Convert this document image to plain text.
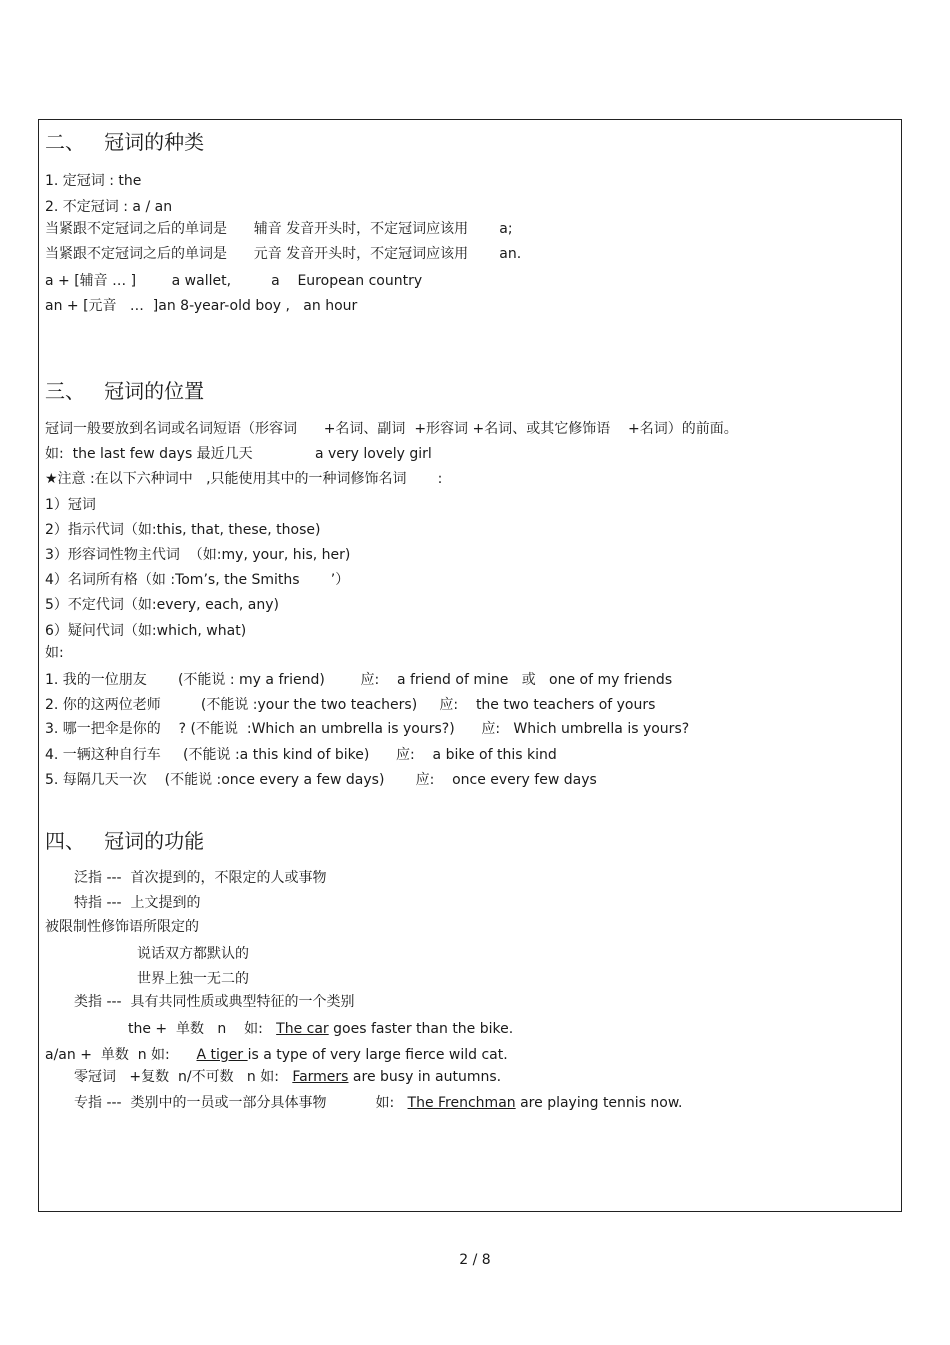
二、   冠词的种类
1. 定冠词 : the
2. 不定冠词 : a / an
当紧跟不定冠词之后的单词是      辅音 发音开头时，不定冠词应该用       a;
当紧跟不定冠词之后的单词是      元音 发音开头时，不定冠词应该用       an.
a + [辅音 … ]        a wallet,         a    European country
an + [元音   …  ]an 8-year-old boy ,   an hour
三、   冠词的位置
冠词一般要放到名词或名词短语（形容词      +名词、副词  +形容词 +名词、或其它修饰语    +名词）的前面。
如:  the last few days 最近几天              a very lovely girl
★注意 :在以下六种词中   ,只能使用其中的一种词修饰名词       :
1）冠词
2）指示代词（如:this, that, these, those)
3）形容词性物主代词  （如:my, your, his, her)
4）名词所有格（如 :Tom’s, the Smiths       ’）
5）不定代词（如:every, each, any)
6）疑问代词（如:which, what)
如:
1. 我的一位朋友       (不能说 : my a friend)        应:    a friend of mine   或   one of my friends
2. 你的这两位老师         (不能说 :your the two teachers)     应:    the two teachers of yours
3. 哪一把伞是你的    ? (不能说  :Which an umbrella is yours?)      应:   Which umbrella is yours?
4. 一辆这种自行车     (不能说 :a this kind of bike)      应:    a bike of this kind
5. 每隔几天一次    (不能说 :once every a few days)       应:    once every few days
四、   冠词的功能
泛指 ---  首次提到的，不限定的人或事物
特指 ---  上文提到的
被限制性修饰语所限定的
说话双方都默认的
世界上独一无二的
类指 ---  具有共同性质或典型特征的一个类别
the +  单数   n    如:   The car goes faster than the bike.
a/an +  单数  n 如:      A tiger is a type of very large fierce wild cat.
零冠词   +复数  n/不可数   n 如:   Farmers are busy in autumns.
专指 ---  类别中的一员或一部分具体事物           如:   The Frenchman are playing tennis now.
2 / 8
